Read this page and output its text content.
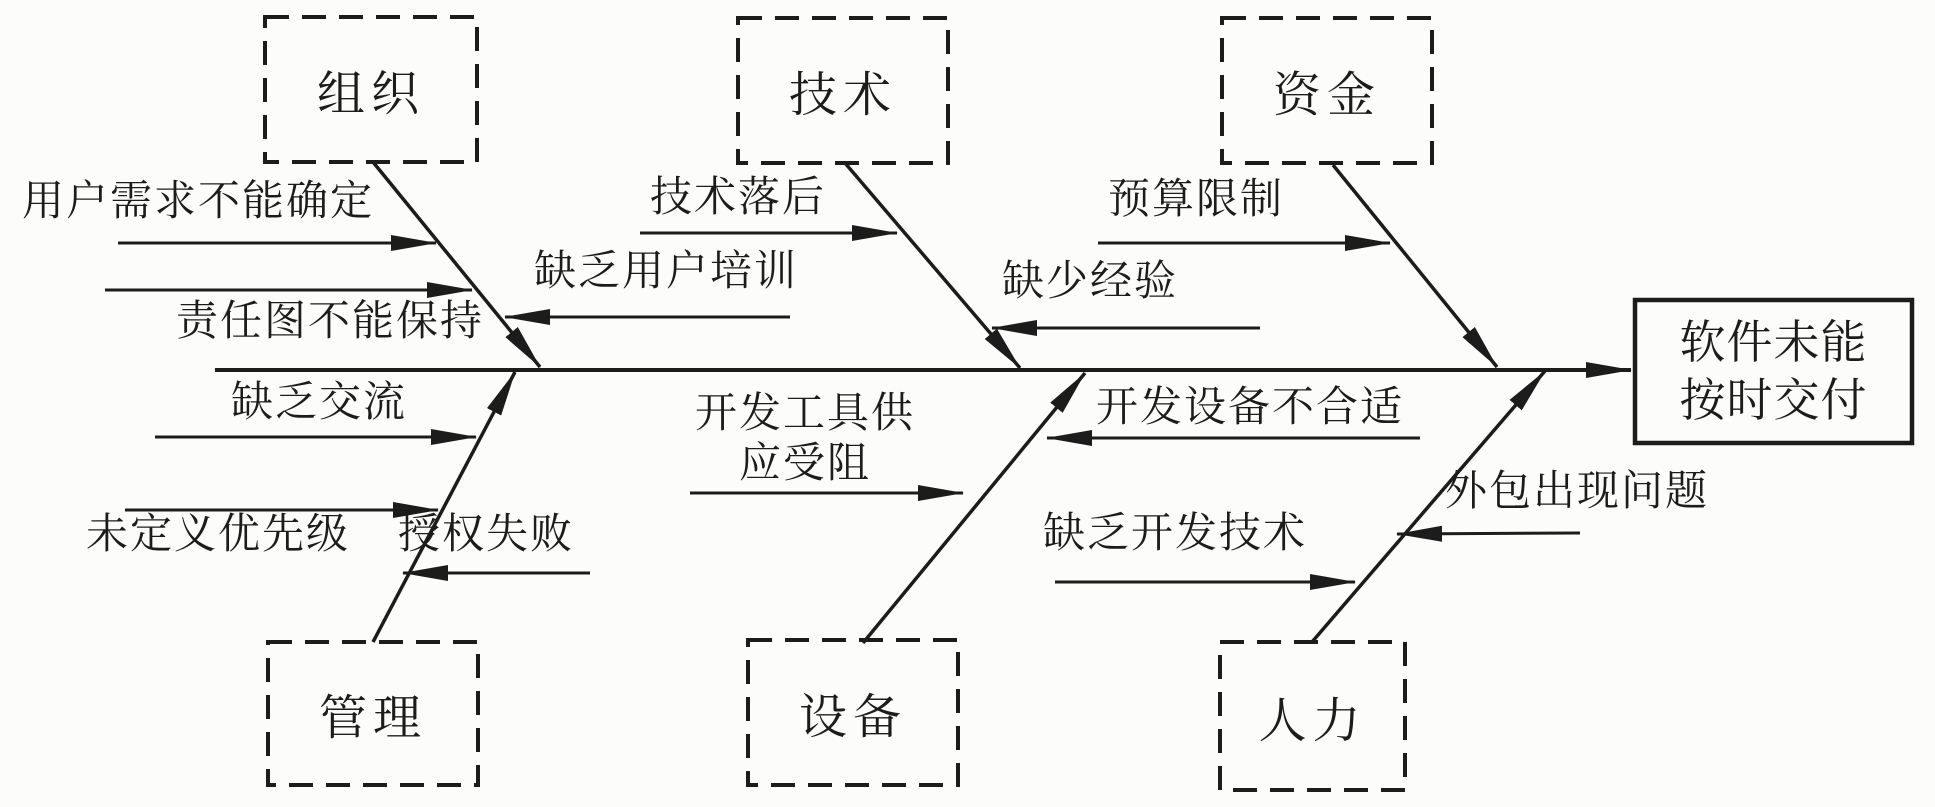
组织	技术	资金
管理	设备	人力
软件未能按时交付
用户需求不能确定
责任图不能保持
缺乏用户培训
技术落后
缺少经验
预算限制
缺乏交流
未定义优先级 授权失败
开发工具供应受阻
开发设备不合适
缺乏开发技术
外包出现问题
